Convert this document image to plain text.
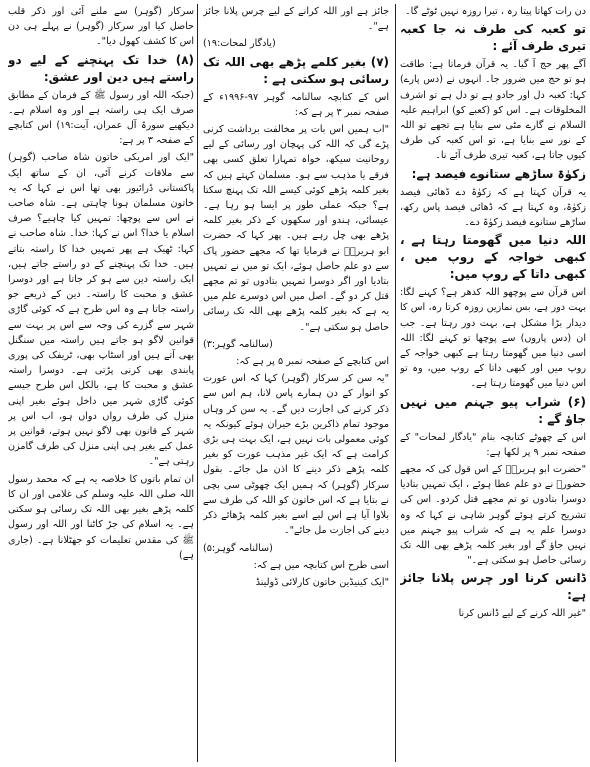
دن رات کھاتا پیتا رہ ، تیرا روزہ نہیں ٹوٹے گا۔

تو کعبہ کی طرف نہ جا کعبہ تیری طرف آئے :

آگے پھر حج آ گیا۔ یہ قرآن فرماتا ہے: طاقت ہو تو حج میں ضرور جا۔ انہوں نے (دس پارے) کہا: کعبہ دل اور جادو ہے تو دل ہے تو اشرف المخلوقات ہے۔ اس کو (کعبے کو) ابراہیم علیہ السلام نے گارے مٹی سے بنایا ہے تجھے تو اللہ کے نور سے بنایا ہے، تو اس کعبہ کی طرف کیوں جاتا ہے، کعبہ تیری طرف آئے نا۔

زکوٰۃ ساڑھے ستانوے فیصد ہے:

یہ قرآن کہتا ہے کہ زکوٰۃ دے ڈھائی فیصد زکوٰۃ، وہ کہتا ہے کہ ڈھائی فیصد پاس رکھ، ساڑھے ستانوے فیصد زکوٰۃ دے۔

اللہ دنیا میں گھومتا رہتا ہے ، کبھی خواجہ کے روپ میں ، کبھی داتا کے روپ میں:

اس قرآن سے پوچھو اللہ کدھر ہے؟ کہنے لگا: بہت دور ہے، بس نمازیں روزہ کرتا رہ، اس کا دیدار بڑا مشکل ہے، بہت دور رہتا ہے۔ جب ان (دس پاروں) سے پوچھا تو کہنے لگا: اللہ اسی دنیا میں گھومتا رہتا ہے کبھی خواجہ کے روپ میں اور کبھی داتا کے روپ میں، وہ تو اس دنیا میں گھومتا رہتا ہے۔

(۶) شراب پیو جہنم میں نہیں جاؤ گے :

اس کے چھوٹے کتابچہ بنام "یادگار لمحات" کے صفحہ نمبر ۹ پر لکھا ہے:

"حضرت ابو ہریرہؓ کے اس قول کی کہ مجھے حضورؐ نے دو علم عطا ہوئے ، ایک تمہیں بتادیا دوسرا بتادوں تو تم مجھے قتل کردو۔ اس کی تشریح کرتے ہوئے گوہر شاہی نے کہا کہ وہ دوسرا علم یہ ہے کہ شراب پیو جہنم میں نہیں جاؤ گے اور بغیر کلمہ پڑھے بھی اللہ تک رسائی حاصل ہو سکتی ہے۔"

ڈانس کرنا اور چرس پلانا جائز ہے:

"غیر اللہ کرنے کے لیے ڈانس کرنا

جائز ہے اور اللہ کرانے کے لیے چرس پلانا جائز ہے"۔

(یادگار لمحات:۱۹)

(۷) بغیر کلمے پڑھے بھی اللہ تک رسائی ہو سکتی ہے :

اس کے کتابچہ سالنامہ گوہر ۹۷-۱۹۹۶ء کے صفحہ نمبر ۳ پر ہے کہ:

"اب ہمیں اس بات پر مخالفت برداشت کرنی پڑے گی کہ اللہ کی پہچان اور رسائی کے لیے روحانیت سیکھ، خواہ تمہارا تعلق کسی بھی فرقے یا مذہب سے ہو۔ مسلمان کہتے ہیں کہ بغیر کلمہ پڑھے کوئی کیسے اللہ تک پہنچ سکتا ہے؟ جبکہ عملی طور پر ایسا ہو رہا ہے۔ عیسائی، ہندو اور سکھوں کے ذکر بغیر کلمہ پڑھے بھی چل رہے ہیں۔ پھر کہا کہ حضرت ابو ہریرہؓ نے فرمایا تھا کہ مجھے حضور پاک سے دو علم حاصل ہوئے، ایک تو میں نے تمہیں بتادیا اور اگر دوسرا تمہیں بتادوں تو تم مجھے قتل کر دو گے۔ اصل میں اس دوسرے علم میں یہ ہے کہ بغیر کلمہ پڑھے بھی اللہ تک رسائی حاصل ہو سکتی ہے"۔

(سالنامہ گوہر:۳)

اس کتابچے کے صفحہ نمبر ۵ پر ہے کہ:

"یہ سن کر سرکار (گوہر) کہا کہ اس عورت کو انوار کے دن ہمارے پاس لانا، ہم اس سے ذکر کرنے کی اجازت دیں گے۔ یہ سن کر وہاں موجود تمام ذاکرین بڑے حیران ہوئے کیونکہ یہ کوئی معمولی بات نہیں ہے، ایک بہت ہی بڑی کرامت ہے کہ ایک غیر مذہب عورت کو بغیر کلمہ پڑھے ذکر دینے کا اذن مل جائے۔ بقول سرکار (گوہر) کہ ہمیں ایک چھوٹی سی بچی نے بتایا ہے کہ اس خاتون کو اللہ کی طرف سے بلاوا آیا ہے اس لیے اسے بغیر کلمہ پڑھائے ذکر دینے کی اجازت مل جائے"۔

(سالنامہ گوہر:۵)

اسی طرح اس کتابچہ میں ہے کہ:

"ایک کینیڈین خاتون کارلائی ڈولینڈ

سرکار (گوہر) سے ملنے آئی اور ذکر قلب حاصل کیا اور سرکار (گوہر) نے پہلے ہی دن اس کا کشف کھول دیا"۔

(۸) خدا تک پہنچنے کے لیے دو راستے ہیں دین اور عشق:

(جبکہ اللہ اور رسول ﷺ کے فرمان کے مطابق صرف ایک ہی راستہ ہے اور وہ اسلام ہے۔ دیکھیے سورۃ آل عمران، آیت:۱۹) اس کتابچے کے صفحہ ۳ پر ہے:

"ایک اور امریکی خاتون شاہ صاحب (گوہر) سے ملاقات کرنے آئی، ان کے ساتھ ایک پاکستانی ڈرائیور بھی تھا اس نے کہا کہ یہ خاتون مسلمان ہونا چاہتی ہے۔ شاہ صاحب نے اس سے پوچھا: تمہیں کیا چاہیے؟ صرف اسلام یا خدا؟ اس نے کہا: خدا۔ شاہ صاحب نے کہا: ٹھیک ہے پھر تمہیں خدا کا راستہ بتاتے ہیں۔ خدا تک پہنچنے کے دو راستے جاتے ہیں، ایک راستہ دین سے ہو کر جاتا ہے اور دوسرا عشق و محبت کا راستہ۔ دین کے ذریعے جو راستہ جاتا ہے وہ اس طرح ہے کہ کوئی گاڑی شہر سے گزرے کی وجہ سے اس پر بہت سے قوانین لاگو ہو جاتے ہیں راستہ میں سنگنل بھی آتے ہیں اور اسٹاپ بھی، ٹریفک کی پوری پابندی بھی کرنی پڑتی ہے۔ دوسرا راستہ عشق و محبت کا ہے، بالکل اس طرح جیسے کوئی گاڑی شہر میں داخل ہوئے بغیر اپنی منزل کی طرف رواں دواں ہو، اب اس پر شہر کے قانون بھی لاگو نہیں ہوتے، قوانین پر عمل کیے بغیر ہی اپنی منزل کی طرف گامزن رہتی ہے"۔

ان تمام باتوں کا خلاصہ یہ ہے کہ محمد رسول اللہ صلی اللہ علیہ وسلم کی غلامی اور ان کا کلمہ پڑھے بغیر بھی اللہ تک رسائی ہو سکتی ہے۔ یہ اسلام کی جڑ کاٹنا اور اللہ اور رسول ﷺ کی مقدس تعلیمات کو جھٹلانا ہے۔ (جاری ہے)
